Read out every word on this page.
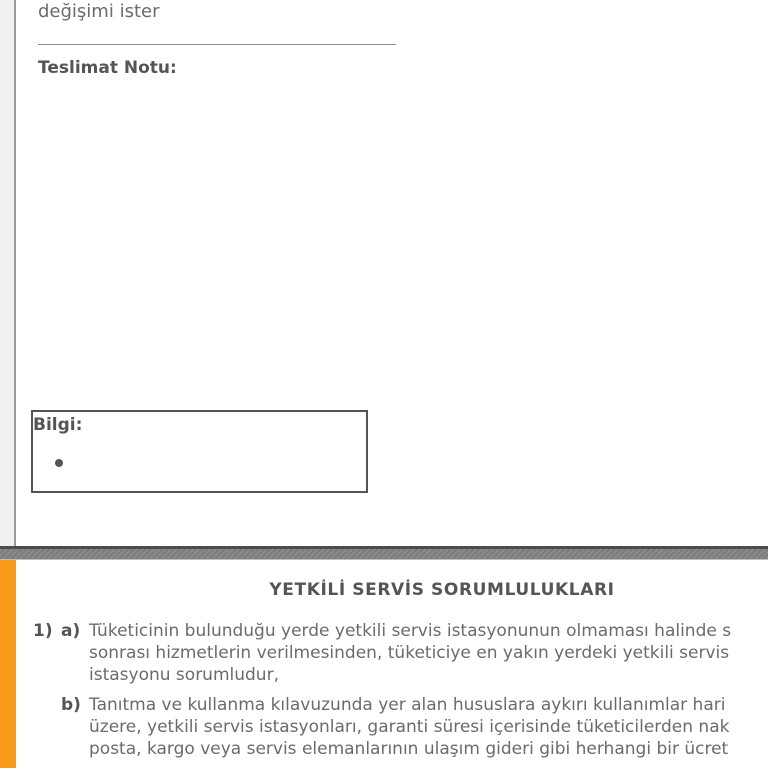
değişimi ister
Teslimat Notu:
Bilgi:
YETKİLİ SERVİS SORUMLULUKLARI
1) a) Tüketicinin bulunduğu yerde yetkili servis istasyonunun olmaması halinde s
sonrası hizmetlerin verilmesinden, tüketiciye en yakın yerdeki yetkili servis
istasyonu sorumludur,
b) Tanıtma ve kullanma kılavuzunda yer alan hususlara aykırı kullanımlar hari
üzere, yetkili servis istasyonları, garanti süresi içerisinde tüketicilerden nak
posta, kargo veya servis elemanlarının ulaşım gideri gibi herhangi bir ücret
